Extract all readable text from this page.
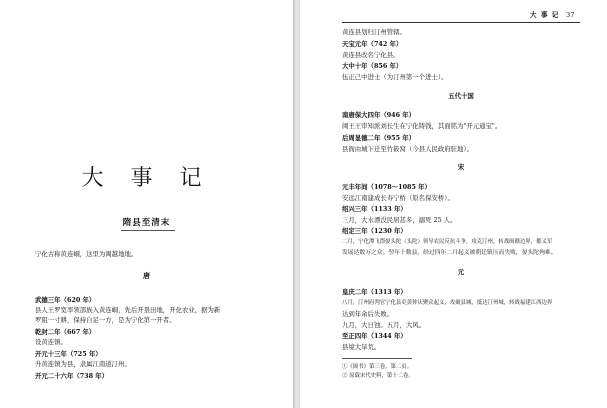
大 事 记
隋县至清末
宁化古称黄连峒，这里为闽越地地。
唐
武德三年（620 年）
县人王罗宽率领部族入黄连峒，先后开垦田地，开化农业，据为新
罗阻一寸耕，保持自足一方，是为宁化第一开者。
乾封二年（667 年）
设黄连镇。
开元十三年（725 年）
升黄连镇为县，隶属江南道汀州。
开元二十六年（738 年）
大 事 记 37
黄连县划归汀州管辖。
天宝元年（742 年）
黄连县改名宁化县。
大中十年（856 年）
伍正己中进士（为汀州第一个进士）。
五代十国
南唐保大四年（946 年）
闽王王审知派刘长生在宁化铸钱，其面铭为"开元通宝"。
后周显德二年（955 年）
县衙由城下迁至竹筱窝（今县人民政府驻地）。
宋
元丰年间（1078～1085 年）
安远江南建成长寿宁桥（原名保安桥）。
绍兴三年（1133 年）
三月，大水漂没民居甚多，溺死 25 人。
绍定三年（1230 年）
二月，宁化潭飞漈晏头陀（头陀）领导农民反抗斗争，攻克汀州，转战闽赣边界，都义军
发展达数万之众。翌年十数县，经过四年二月起义被朝廷镇压而失败，晏头陀殉难。
元
皇庆二年（1313 年）
八月，汀州府判官宁化县吏黄仲庆聚众起义，攻破县城，抵达汀州城，转战福建江西边界
达到年余后失败。
九月，大日蚀。五月，大风。
至正四年（1344 年）
县境大旱荒。
①《闽书》第三卷，第二页。
② 原载宋代史料，第十二卷。
